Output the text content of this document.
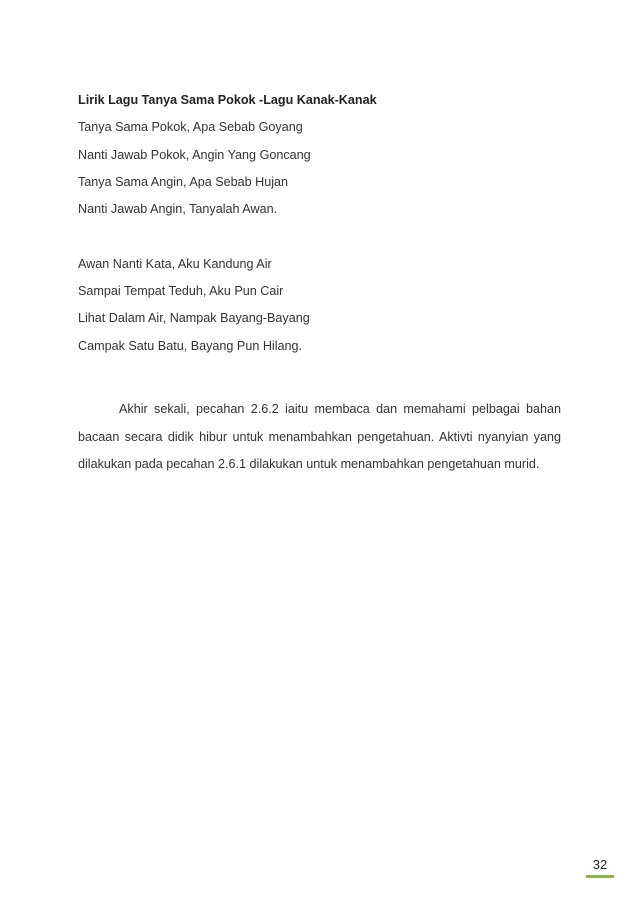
Lirik Lagu Tanya Sama Pokok -Lagu Kanak-Kanak
Tanya Sama Pokok, Apa Sebab Goyang
Nanti Jawab Pokok, Angin Yang Goncang
Tanya Sama Angin, Apa Sebab Hujan
Nanti Jawab Angin, Tanyalah Awan.
Awan Nanti Kata, Aku Kandung Air
Sampai Tempat Teduh, Aku Pun Cair
Lihat Dalam Air, Nampak Bayang-Bayang
Campak Satu Batu, Bayang Pun Hilang.

Akhir sekali, pecahan 2.6.2 iaitu membaca dan memahami pelbagai bahan bacaan secara didik hibur untuk menambahkan pengetahuan. Aktivti nyanyian yang dilakukan pada pecahan 2.6.1 dilakukan untuk menambahkan pengetahuan murid.

32
